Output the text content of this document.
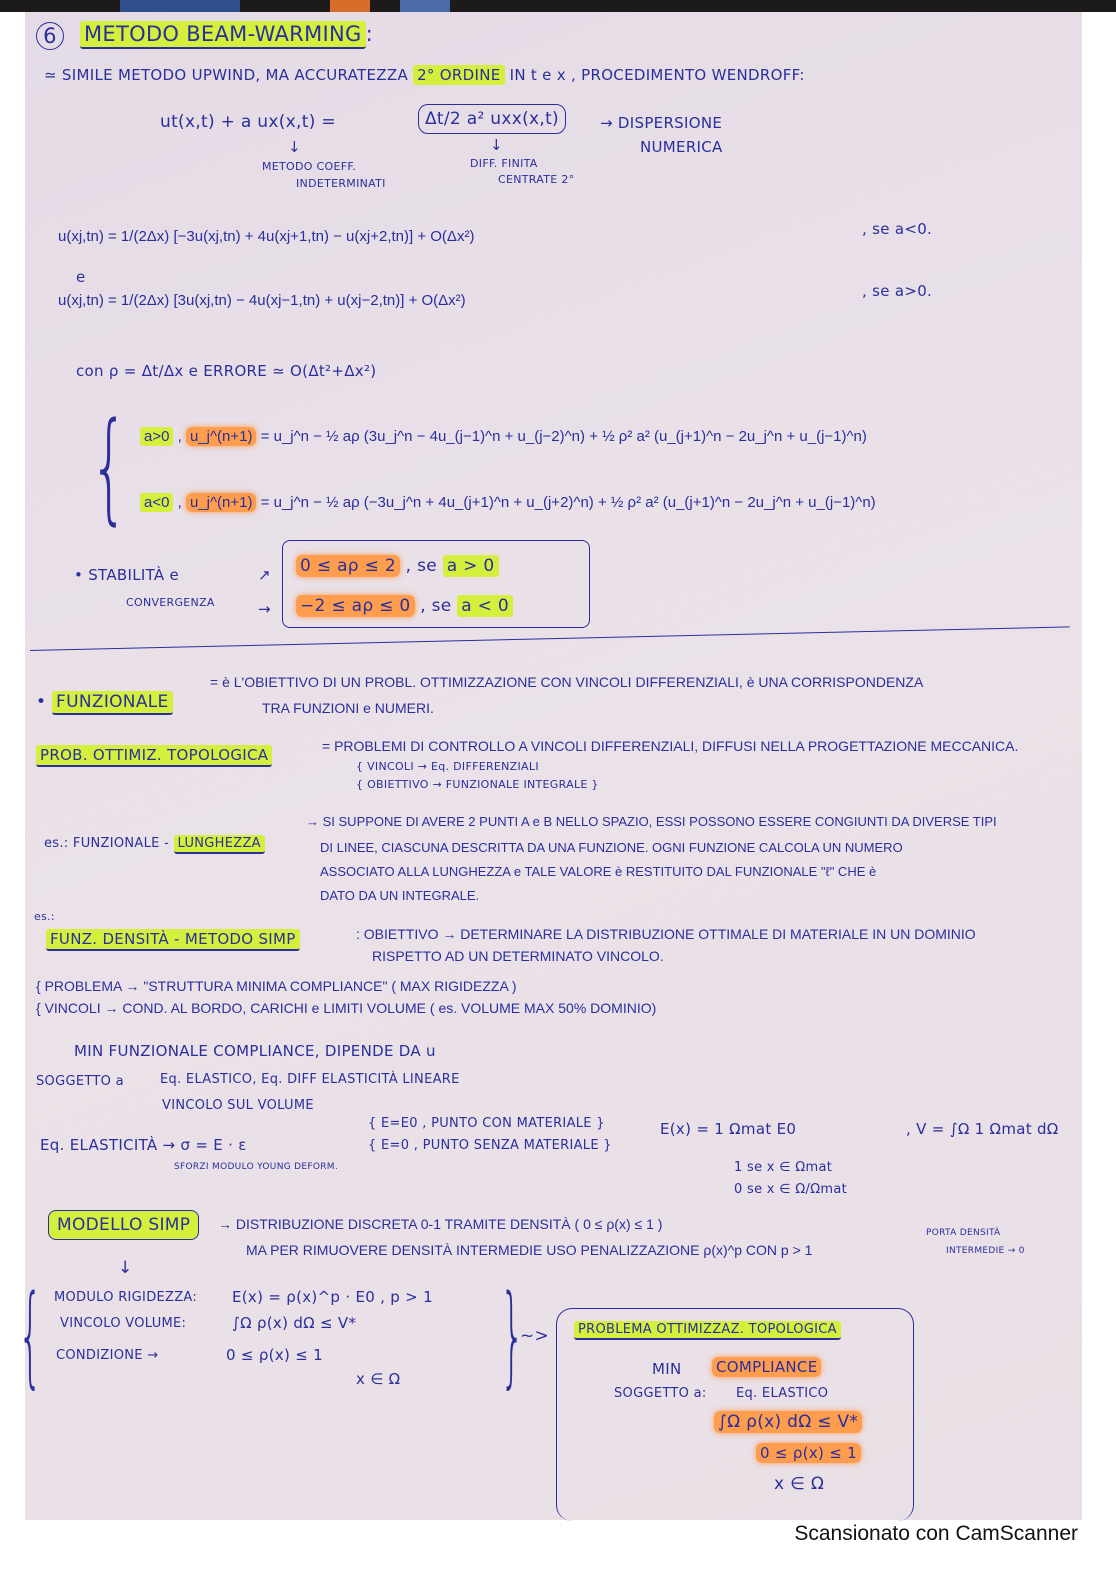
6	METODO BEAM-WARMING :
≃ SIMILE METODO UPWIND, MA ACCURATEZZA 2° ORDINE IN t e x , PROCEDIMENTO WENDROFF:
ut(x,t) + a ux(x,t) =	Δt/2 a² uxx(x,t)	→ DISPERSIONE
NUMERICA
↓
METODO COEFF.
INDETERMINATI
↓
DIFF. FINITA
CENTRATE 2°
u(xj,tn) = 1/(2Δx) [−3u(xj,tn) + 4u(xj+1,tn) − u(xj+2,tn)] + O(Δx²)	, se a<0.
e
u(xj,tn) = 1/(2Δx) [3u(xj,tn) − 4u(xj−1,tn) + u(xj−2,tn)] + O(Δx²)
, se a>0.
con ρ = Δt/Δx e ERRORE ≃ O(Δt²+Δx²)
{ a>0 , u_j^(n+1) = u_j^n − ½ aρ (3u_j^n − 4u_(j−1)^n + u_(j−2)^n) + ½ ρ² a² (u_(j+1)^n − 2u_j^n + u_(j−1)^n)
a<0 , u_j^(n+1) = u_j^n − ½ aρ (−3u_j^n + 4u_(j+1)^n + u_(j+2)^n) + ½ ρ² a² (u_(j+1)^n − 2u_j^n + u_(j−1)^n)
• STABILITÀ e
CONVERGENZA
↗
→
0 ≤ aρ ≤ 2 , se a > 0
−2 ≤ aρ ≤ 0 , se a < 0
• FUNZIONALE
= è L'OBIETTIVO DI UN PROBL. OTTIMIZZAZIONE CON VINCOLI DIFFERENZIALI, è UNA CORRISPONDENZA
TRA FUNZIONI e NUMERI.
PROB. OTTIMIZ. TOPOLOGICA	= PROBLEMI DI CONTROLLO A VINCOLI DIFFERENZIALI, DIFFUSI NELLA PROGETTAZIONE MECCANICA.
{ VINCOLI → Eq. DIFFERENZIALI
{ OBIETTIVO → FUNZIONALE INTEGRALE }
es.: FUNZIONALE - LUNGHEZZA
→ SI SUPPONE DI AVERE 2 PUNTI A e B NELLO SPAZIO, ESSI POSSONO ESSERE CONGIUNTI DA DIVERSE TIPI
DI LINEE, CIASCUNA DESCRITTA DA UNA FUNZIONE. OGNI FUNZIONE CALCOLA UN NUMERO
ASSOCIATO ALLA LUNGHEZZA e TALE VALORE è RESTITUITO DAL FUNZIONALE "ℓ" CHE è
DATO DA UN INTEGRALE.
es.:
FUNZ. DENSITÀ - METODO SIMP	: OBIETTIVO → DETERMINARE LA DISTRIBUZIONE OTTIMALE DI MATERIALE IN UN DOMINIO
RISPETTO AD UN DETERMINATO VINCOLO.
{ PROBLEMA → "STRUTTURA MINIMA COMPLIANCE" ( MAX RIGIDEZZA )
{ VINCOLI → COND. AL BORDO, CARICHI e LIMITI VOLUME ( es. VOLUME MAX 50% DOMINIO)
MIN FUNZIONALE COMPLIANCE, DIPENDE DA u
SOGGETTO a	Eq. ELASTICO, Eq. DIFF ELASTICITÀ LINEARE
VINCOLO SUL VOLUME
Eq. ELASTICITÀ → σ = E · ε
SFORZI MODULO YOUNG DEFORM.
{ E=E0 , PUNTO CON MATERIALE }
{ E=0 , PUNTO SENZA MATERIALE }
E(x) = 1 Ωmat E0
1 se x ∈ Ωmat
0 se x ∈ Ω/Ωmat
, V = ∫Ω 1 Ωmat dΩ
MODELLO SIMP	→ DISTRIBUZIONE DISCRETA 0-1 TRAMITE DENSITÀ ( 0 ≤ ρ(x) ≤ 1 )
MA PER RIMUOVERE DENSITÀ INTERMEDIE USO PENALIZZAZIONE ρ(x)^p CON p > 1
PORTA DENSITÀ
INTERMEDIE → 0
↓
{ MODULO RIGIDEZZA: E(x) = ρ(x)^p · E0 , p > 1
VINCOLO VOLUME:	∫Ω ρ(x) dΩ ≤ V*
CONDIZIONE →	0 ≤ ρ(x) ≤ 1
x ∈ Ω }
~>	PROBLEMA OTTIMIZZAZ. TOPOLOGICA
MIN COMPLIANCE
SOGGETTO a: Eq. ELASTICO
∫Ω ρ(x) dΩ ≤ V*
0 ≤ ρ(x) ≤ 1
x ∈ Ω
Scansionato con CamScanner
